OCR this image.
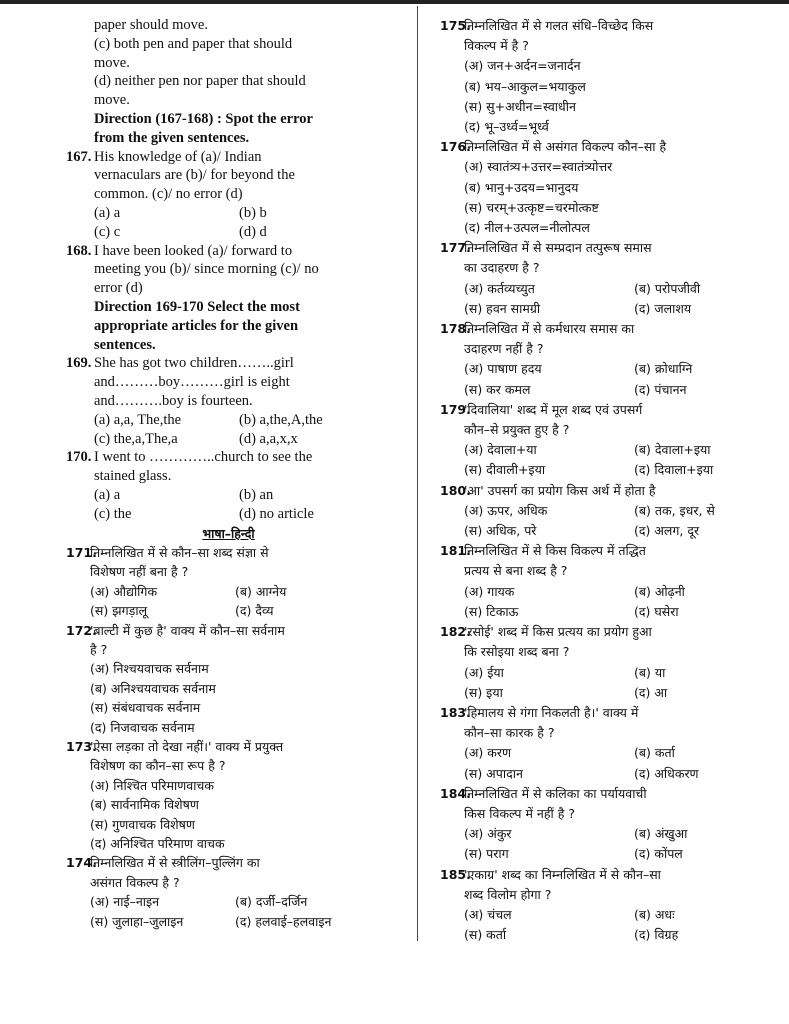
paper should move.
(c) both pen and paper that should
move.
(d) neither pen nor paper that should
move.
Direction (167-168) : Spot the error
from the given sentences.
167. His knowledge of (a)/ Indian
vernaculars are (b)/ for beyond the
common. (c)/ no error (d)
(a) a	(b) b
(c) c	(d) d
168. I have been looked (a)/ forward to
meeting you (b)/ since morning (c)/ no
error (d)
Direction 169-170 Select the most
appropriate articles for the given
sentences.
169. She has got two children……..girl
and………boy………girl is eight
and……….boy is fourteen.
(a) a,a, The,the	(b) a,the,A,the
(c) the,a,The,a	(d) a,a,x,x
170. I went to …………..church to see the
stained glass.
(a) a	(b) an
(c) the	(d) no article
भाषा–हिन्दी
171.
निम्नलिखित में से कौन–सा शब्द संज्ञा से
विशेषण नहीं बना है ?
(अ) औद्योगिक	(ब) आग्नेय
(स) झगड़ालू	(द) दैव्य
172.
'बाल्टी में कुछ है' वाक्य में कौन–सा सर्वनाम
है ?
(अ) निश्चयवाचक सर्वनाम
(ब) अनिश्चयवाचक सर्वनाम
(स) संबंधवाचक सर्वनाम
(द) निजवाचक सर्वनाम
173.
'ऐसा लड़का तो देखा नहीं।' वाक्य में प्रयुक्त
विशेषण का कौन–सा रूप है ?
(अ) निश्चित परिमाणवाचक
(ब) सार्वनामिक विशेषण
(स) गुणवाचक विशेषण
(द) अनिश्चित परिमाण वाचक
174.
निम्नलिखित में से स्त्रीलिंग–पुल्लिंग का
असंगत विकल्प है ?
(अ) नाई–नाइन	(ब) दर्जी–दर्जिन
(स) जुलाहा–जुलाइन	(द) हलवाई–हलवाइन
175.
निम्नलिखित में से गलत संधि–विच्छेद किस
विकल्प में है ?
(अ) जन+अर्दन=जनार्दन
(ब) भय–आकुल=भयाकुल
(स) सु+अधीन=स्वाधीन
(द) भू–उर्ध्व=भूर्ध्व
176.
निम्नलिखित में से असंगत विकल्प कौन–सा है
(अ) स्वातंत्र्य+उत्तर=स्वातंत्र्योत्तर
(ब) भानु+उदय=भानुदय
(स) चरम्+उत्कृष्ट=चरमोत्कष्ट
(द) नील+उत्पल=नीलोत्पल
177.
निम्नलिखित में से सम्प्रदान तत्पुरूष समास
का उदाहरण है ?
(अ) कर्तव्यच्युत	(ब) परोपजीवी
(स) हवन सामग्री	(द) जलाशय
178.
निम्नलिखित में से कर्मधारय समास का
उदाहरण नहीं है ?
(अ) पाषाण हदय	(ब) क्रोधाग्नि
(स) कर कमल	(द) पंचानन
179.
'दिवालिया' शब्द में मूल शब्द एवं उपसर्ग
कौन–से प्रयुक्त हुए है ?
(अ) देवाला+या	(ब) देवाला+इया
(स) दीवाली+इया	(द) दिवाला+इया
180.
'आ' उपसर्ग का प्रयोग किस अर्थ में होता है
(अ) ऊपर, अधिक	(ब) तक, इधर, से
(स) अधिक, परे	(द) अलग, दूर
181.
निम्नलिखित में से किस विकल्प में तद्धित
प्रत्यय से बना शब्द है ?
(अ) गायक	(ब) ओढ़नी
(स) टिकाऊ	(द) घसेरा
182.
'रसोई' शब्द में किस प्रत्यय का प्रयोग हुआ
कि रसोइया शब्द बना ?
(अ) ईया	(ब) या
(स) इया	(द) आ
183.
'हिमालय से गंगा निकलती है।' वाक्य में
कौन–सा कारक है ?
(अ) करण	(ब) कर्ता
(स) अपादान	(द) अधिकरण
184.
निम्नलिखित में से कलिका का पर्यायवाची
किस विकल्प में नहीं है ?
(अ) अंकुर	(ब) अंखुआ
(स) पराग	(द) कोंपल
185.
'एकाग्र' शब्द का निम्नलिखित में से कौन–सा
शब्द विलोम होगा ?
(अ) चंचल	(ब) अधः
(स) कर्ता	(द) विग्रह
